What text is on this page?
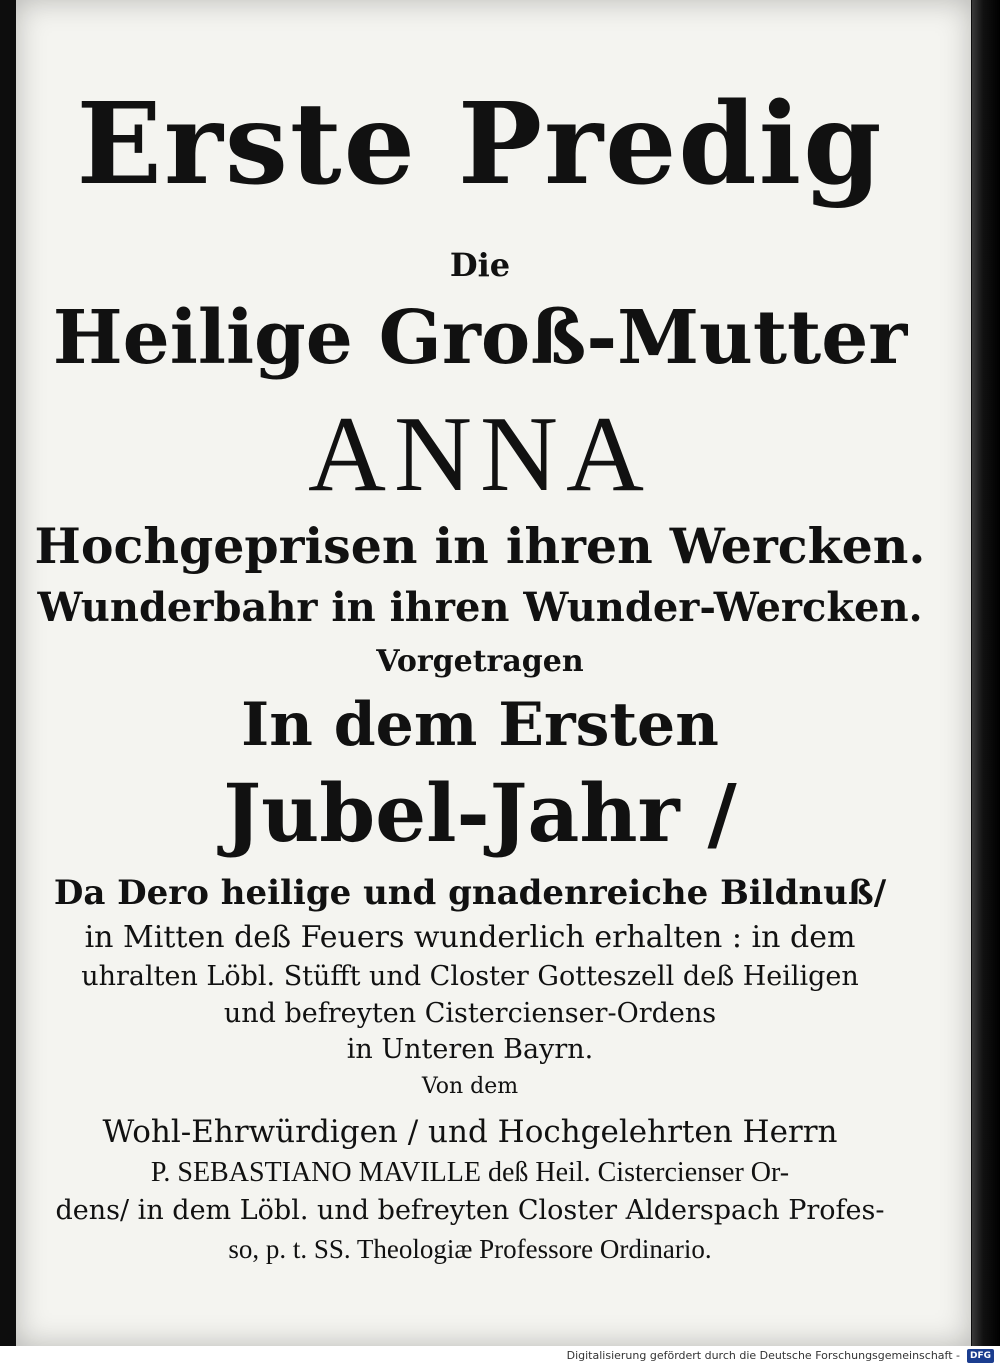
Erste Predig
Die
Heilige Groß-Mutter
ANNA
Hochgeprisen in ihren Wercken.
Wunderbahr in ihren Wunder-Wercken.
Vorgetragen
In dem Ersten
Jubel-Jahr /
Da Dero heilige und gnadenreiche Bildnuß/
in Mitten deß Feuers wunderlich erhalten : in dem
uhralten Löbl. Stüfft und Closter Gotteszell deß Heiligen
und befreyten Cistercienser-Ordens
in Unteren Bayrn.
Von dem
Wohl-Ehrwürdigen / und Hochgelehrten Herrn
P. SEBASTIANO MAVILLE deß Heil. Cistercienser Or-
dens/ in dem Löbl. und befreyten Closter Alderspach Profes-
so, p. t. SS. Theologiæ Professore Ordinario.
Digitalisierung gefördert durch die Deutsche Forschungsgemeinschaft -	DFG
